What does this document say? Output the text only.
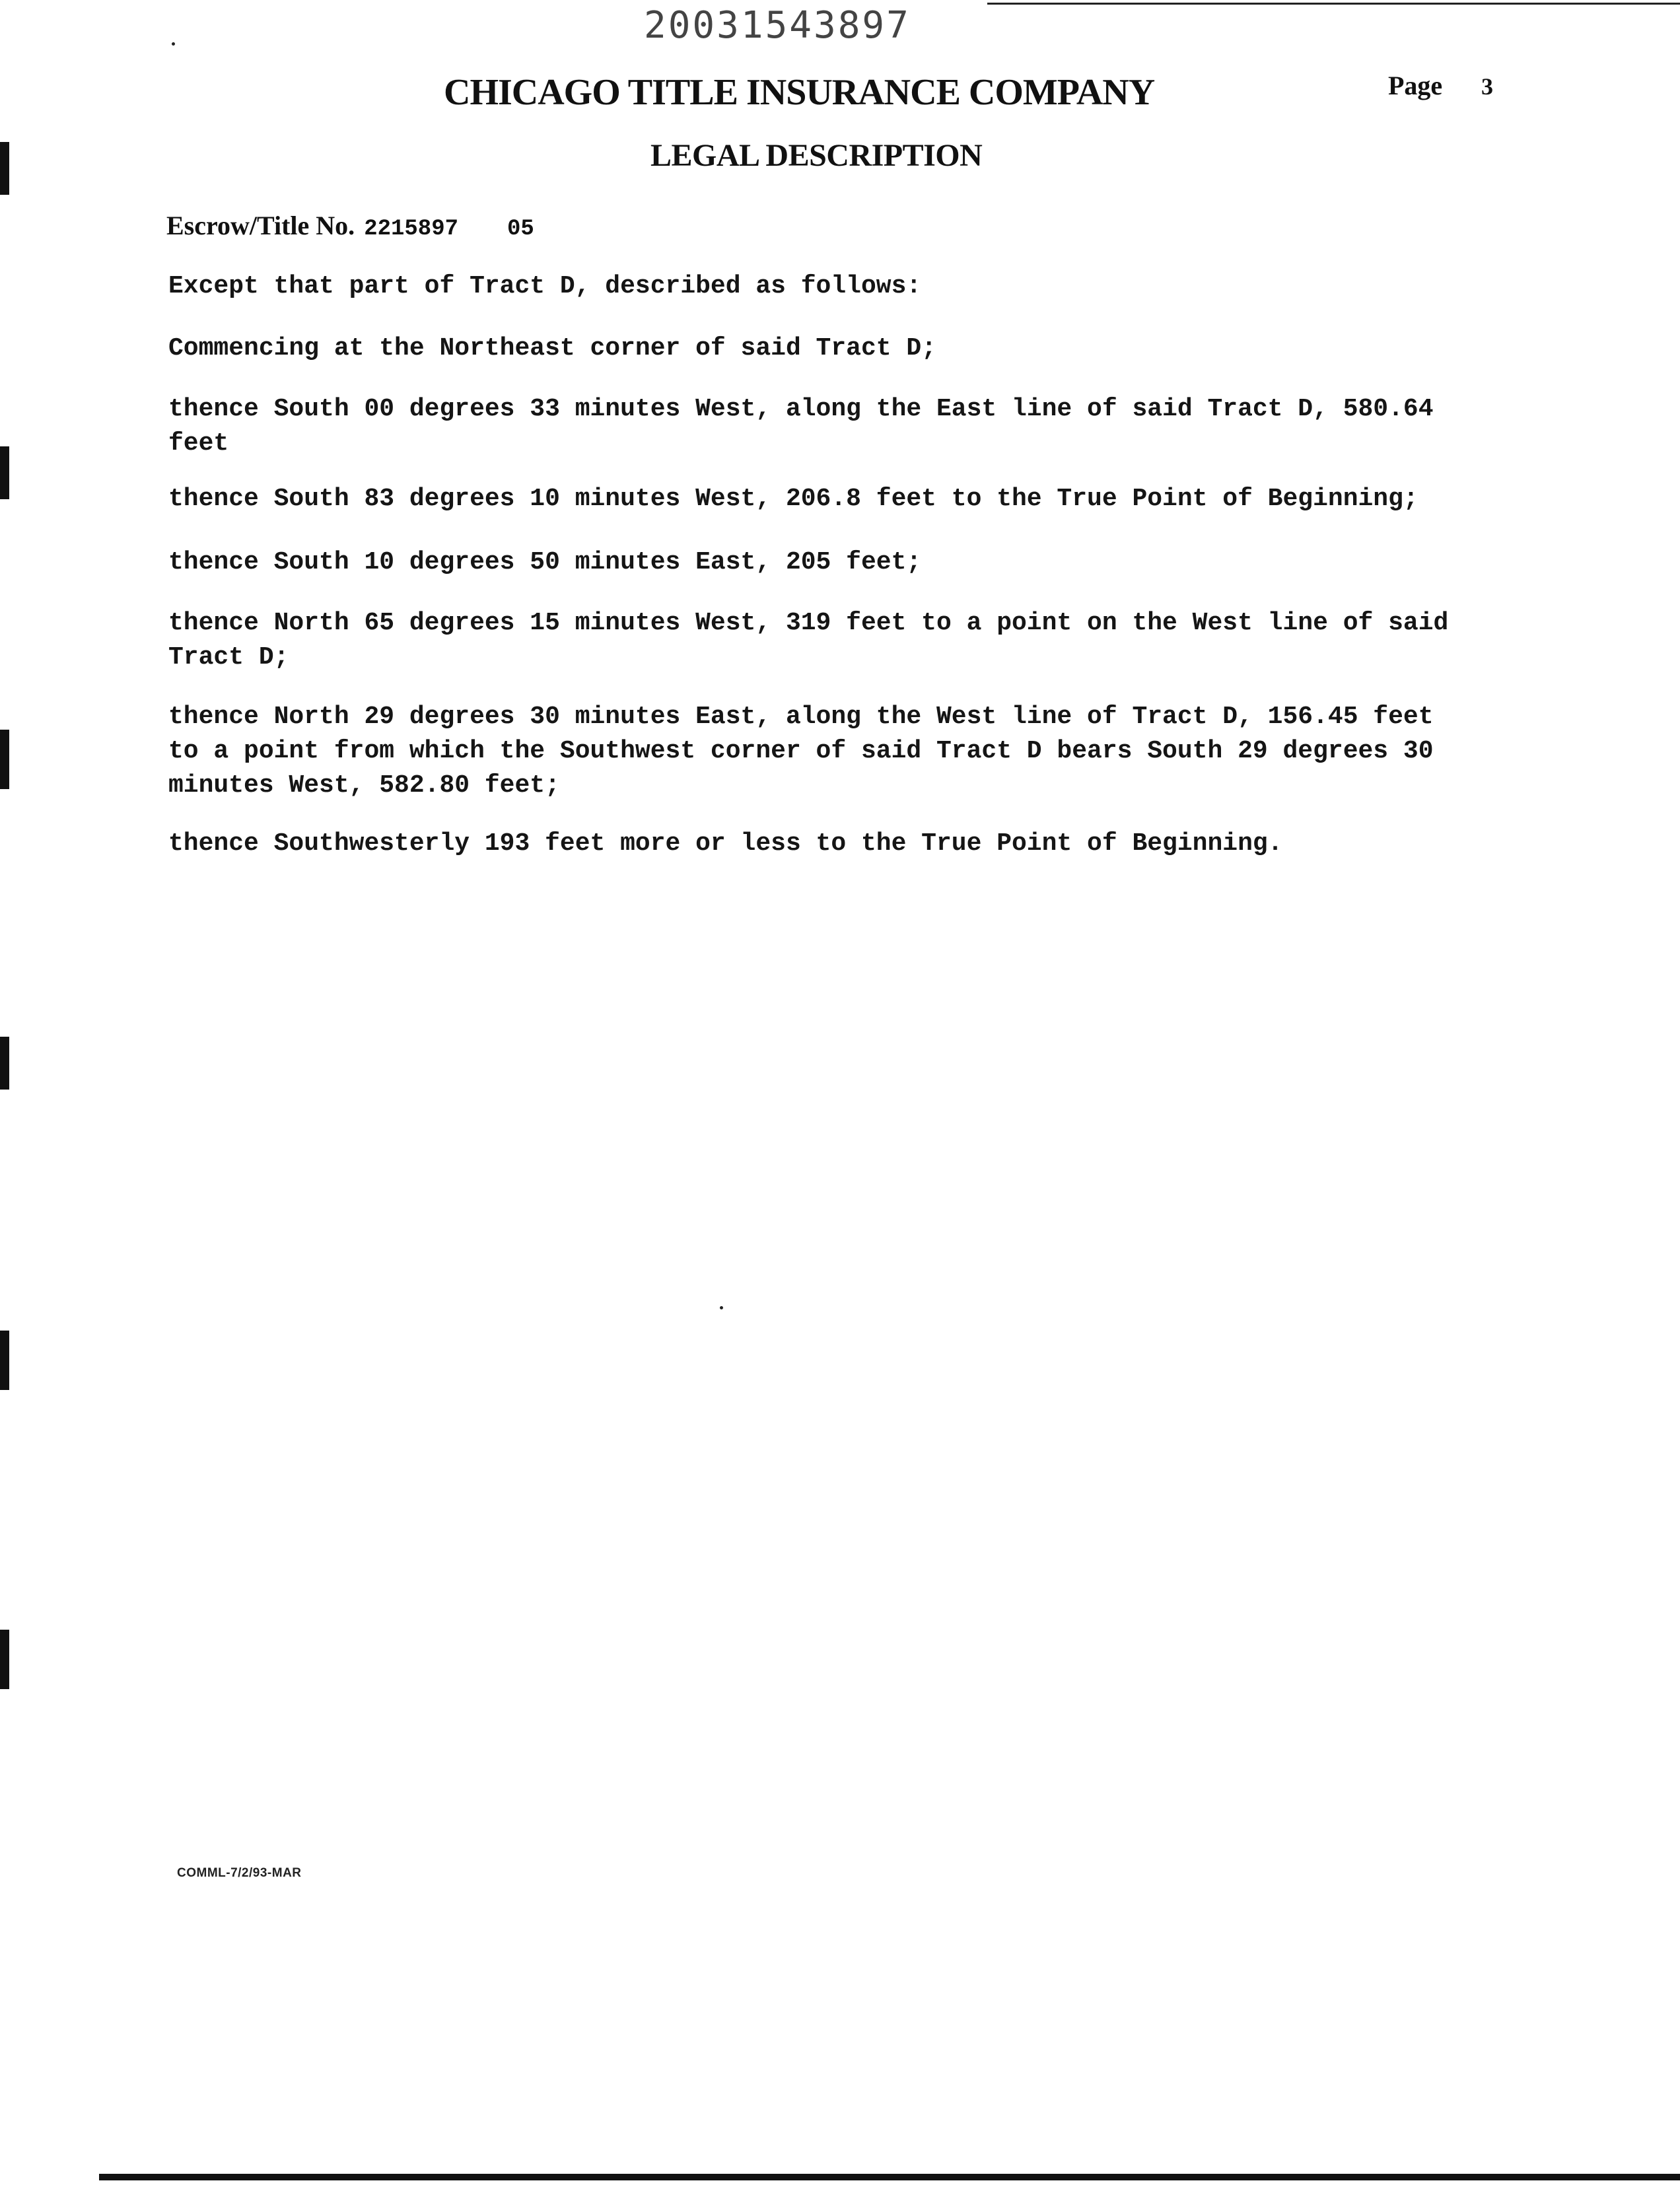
20031543897
CHICAGO TITLE INSURANCE COMPANY	Page 3
LEGAL DESCRIPTION
Escrow/Title No. 2215897 05

Except that part of Tract D, described as follows:

Commencing at the Northeast corner of said Tract D;

thence South 00 degrees 33 minutes West, along the East line of said Tract D, 580.64
feet

thence South 83 degrees 10 minutes West, 206.8 feet to the True Point of Beginning;

thence South 10 degrees 50 minutes East, 205 feet;

thence North 65 degrees 15 minutes West, 319 feet to a point on the West line of said
Tract D;

thence North 29 degrees 30 minutes East, along the West line of Tract D, 156.45 feet
to a point from which the Southwest corner of said Tract D bears South 29 degrees 30
minutes West, 582.80 feet;

thence Southwesterly 193 feet more or less to the True Point of Beginning.

COMML-7/2/93-MAR
